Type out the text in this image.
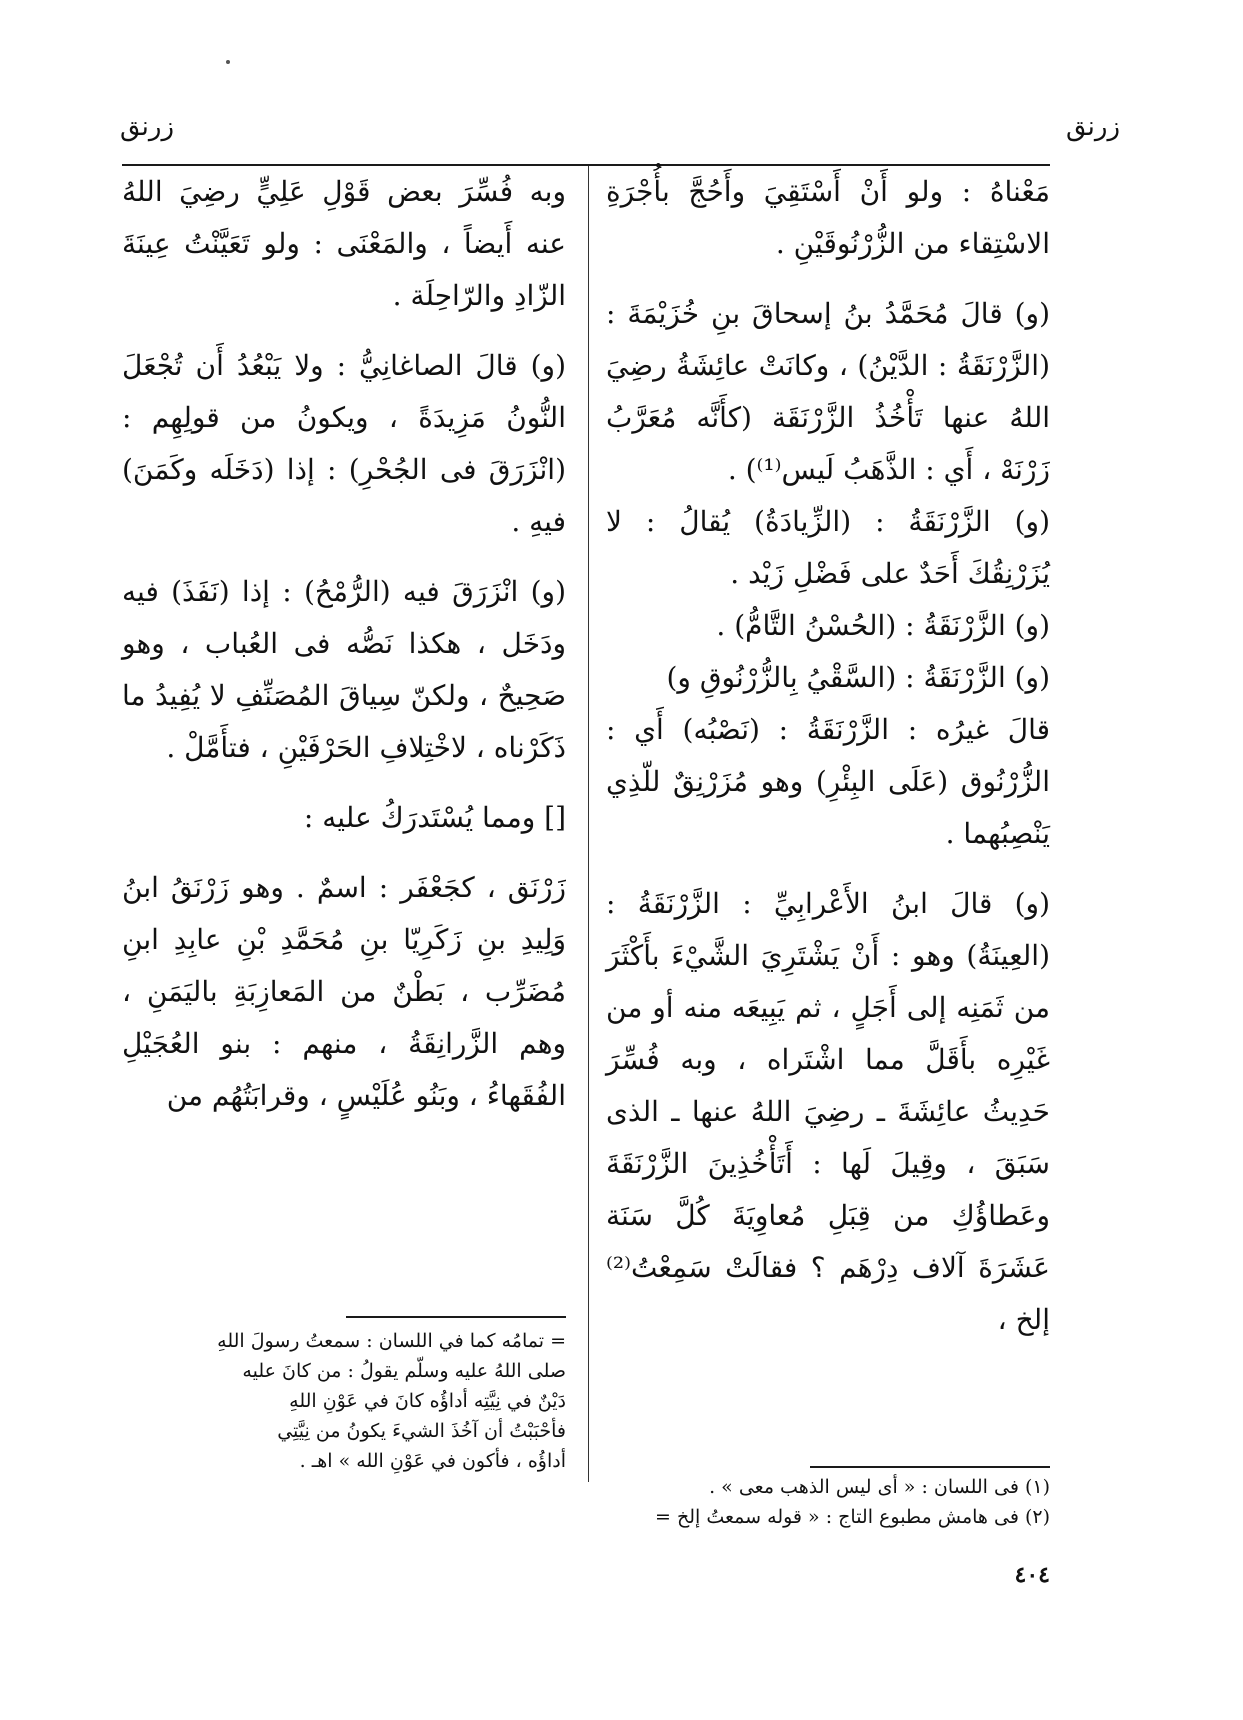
زرنق
زرنق

مَعْناهُ : ولو أَنْ أَسْتَقِيَ وأَحُجَّ بأُجْرَةِ الاسْتِقاء من الزُّرْنُوقَيْنِ .

(و) قالَ مُحَمَّدُ بنُ إسحاقَ بنِ خُزَيْمَةَ : (الزَّرْنَقَةُ : الدَّيْنُ) ، وكانَتْ عائِشَةُ رضِيَ اللهُ عنها تَأْخُذُ الزَّرْنَقَة (كأَنَّه مُعَرَّبُ زَرْنَهْ ، أَي : الذَّهَبُ لَيس⁽¹⁾) .

(و) الزَّرْنَقَةُ : (الزِّيادَةُ) يُقالُ : لا يُزَرْنِقُكَ أَحَدٌ على فَضْلِ زَيْد .

(و) الزَّرْنَقَةُ : (الحُسْنُ التَّامُّ) .

(و) الزَّرْنَقَةُ : (السَّقْيُ بِالزُّرْنُوقِ و)

قالَ غيرُه : الزَّرْنَقَةُ : (نَصْبُه) أَي : الزُّرْنُوق (عَلَى البِئْرِ) وهو مُزَرْنِقٌ للّذِي يَنْصِبُهما .

(و) قالَ ابنُ الأَعْرابِيِّ : الزَّرْنَقَةُ : (العِينَةُ) وهو : أَنْ يَشْتَرِيَ الشَّيْءَ بأَكْثَرَ من ثَمَنِه إلى أَجَلٍ ، ثم يَبِيعَه منه أو من غَيْرِه بأَقَلَّ مما اشْتَراه ، وبه فُسِّرَ حَدِيثُ عائِشَةَ ـ رضِيَ اللهُ عنها ـ الذى سَبَقَ ، وقِيلَ لَها : أَتَأْخُذِينَ الزَّرْنَقَةَ وعَطاؤُكِ من قِبَلِ مُعاوِيَةَ كُلَّ سَنَة عَشَرَةَ آلاف دِرْهَم ؟ فقالَتْ سَمِعْتُ⁽²⁾ إلخ ،

وبه فُسِّرَ بعض قَوْلِ عَلِيٍّ رضِيَ اللهُ عنه أَيضاً ، والمَعْنَى : ولو تَعَيَّنْتُ عِينَةَ الزّادِ والرّاحِلَة .

(و) قالَ الصاغانِيُّ : ولا يَبْعُدُ أَن تُجْعَلَ النُّونُ مَزِيدَةً ، ويكونُ من قولِهِم : (انْزَرَقَ فى الجُحْرِ) : إذا (دَخَلَه وكَمَنَ) فيهِ .

(و) انْزَرَقَ فيه (الرُّمْحُ) : إذا (نَفَذَ) فيه ودَخَل ، هكذا نَصُّه فى العُباب ، وهو صَحِيحٌ ، ولكنّ سِياقَ المُصَنِّفِ لا يُفِيدُ ما ذَكَرْناه ، لاخْتِلافِ الحَرْفَيْنِ ، فتأَمَّلْ .

[] ومما يُسْتَدرَكُ عليه :

زَرْنَق ، كجَعْفَر : اسمٌ . وهو زَرْنَقُ ابنُ وَلِيدِ بنِ زَكَرِيّا بنِ مُحَمَّدِ بْنِ عابِدِ ابنِ مُضَرِّب ، بَطْنٌ من المَعازِبَةِ باليَمَنِ ، وهم الزَّرانِقَةُ ، منهم : بنو العُجَيْلِ الفُقَهاءُ ، وبَنُو عُلَيْسٍ ، وقرابَتُهُم من

= تمامُه كما في اللسان : سمعتُ رسولَ اللهِ

صلى اللهُ عليه وسلّم يقولُ : من كانَ عليه

دَيْنٌ في نِيَّتِه أداؤُه كانَ في عَوْنِ اللهِ

فأحْبَبْتُ أن آخُذَ الشيءَ يكونُ من نِيَّتِي

أداؤُه ، فأكون في عَوْنِ الله » اهـ .

(١) فى اللسان : « أى ليس الذهب معى » .

(٢) فى هامش مطبوع التاج : « قوله سمعتُ إلخ =

٤٠٤
